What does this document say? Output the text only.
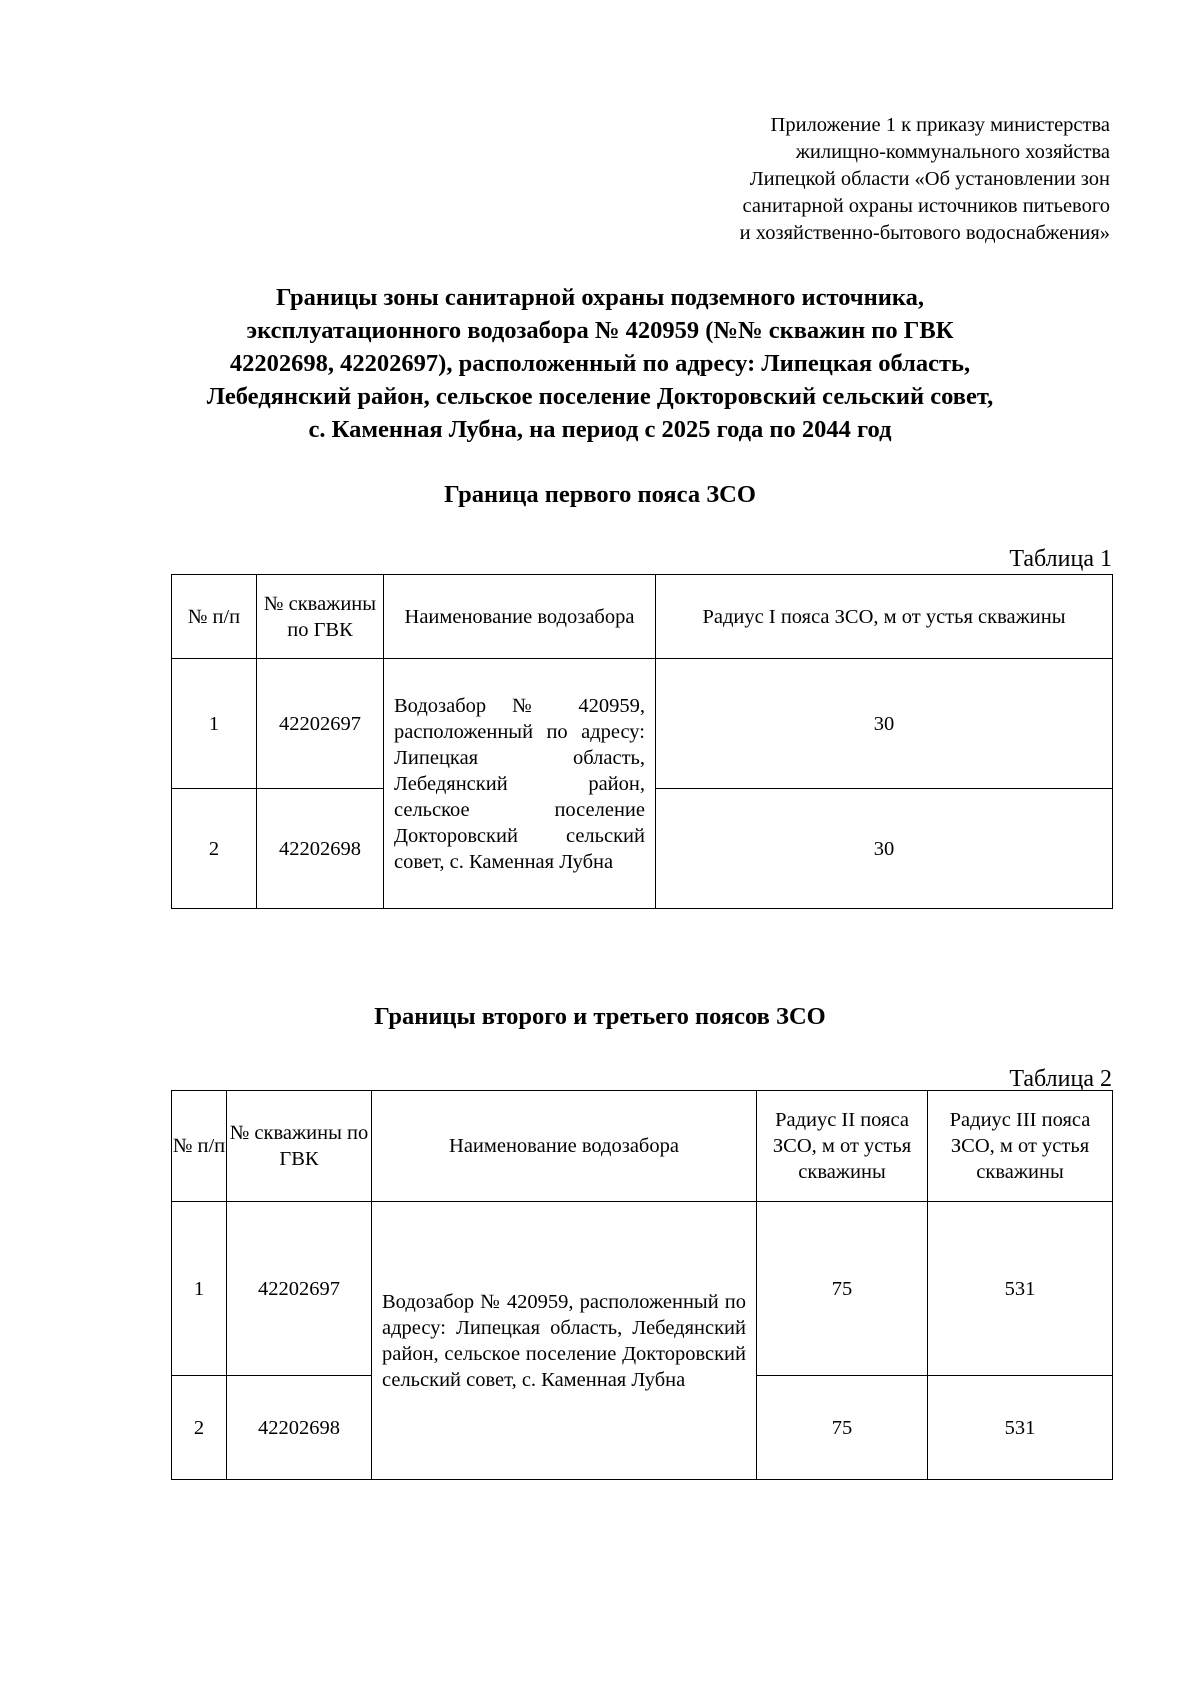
Приложение 1 к приказу министерства
жилищно-коммунального хозяйства
Липецкой области «Об установлении зон
санитарной охраны источников питьевого
и хозяйственно-бытового водоснабжения»
Границы зоны санитарной охраны подземного источника,
эксплуатационного водозабора № 420959 (№№ скважин по ГВК
42202698, 42202697), расположенный по адресу: Липецкая область,
Лебедянский район, сельское поселение Докторовский сельский совет,
с. Каменная Лубна, на период с 2025 года по 2044 год
Граница первого пояса ЗСО
Таблица 1
№ п/п	№ скважины по ГВК	Наименование водозабора	Радиус I пояса ЗСО, м от устья скважины
1	42202697	Водозабор № 420959, расположенный по адресу: Липецкая область, Лебедянский район, сельское поселение Докторовский сельский совет, с. Каменная Лубна	30
2	42202698		30
Границы второго и третьего поясов ЗСО
Таблица 2
№ п/п	№ скважины по ГВК	Наименование водозабора	Радиус II пояса ЗСО, м от устья скважины	Радиус III пояса ЗСО, м от устья скважины
1	42202697	Водозабор № 420959, расположенный по адресу: Липецкая область, Лебедянский район, сельское поселение Докторовский сельский совет, с. Каменная Лубна	75	531
2	42202698		75	531
